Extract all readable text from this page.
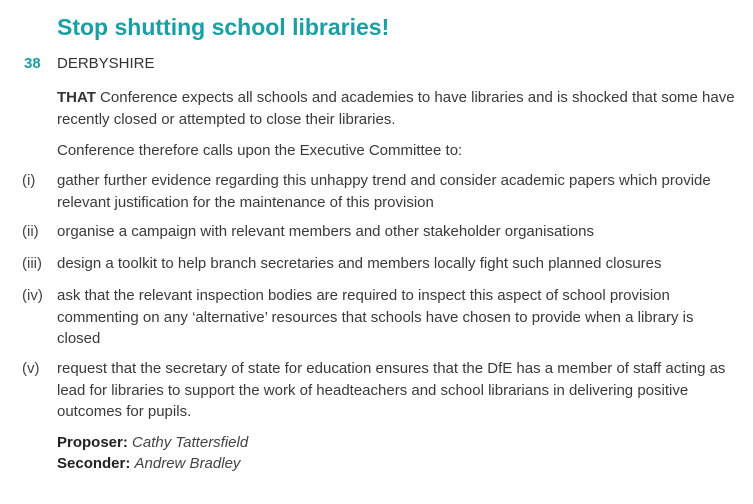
Stop shutting school libraries!
38 DERBYSHIRE

THAT Conference expects all schools and academies to have libraries and is shocked that some have recently closed or attempted to close their libraries.

Conference therefore calls upon the Executive Committee to:

(i) gather further evidence regarding this unhappy trend and consider academic papers which provide relevant justification for the maintenance of this provision
(ii) organise a campaign with relevant members and other stakeholder organisations
(iii) design a toolkit to help branch secretaries and members locally fight such planned closures
(iv) ask that the relevant inspection bodies are required to inspect this aspect of school provision commenting on any ‘alternative’ resources that schools have chosen to provide when a library is closed
(v) request that the secretary of state for education ensures that the DfE has a member of staff acting as lead for libraries to support the work of headteachers and school librarians in delivering positive outcomes for pupils.
Proposer: Cathy Tattersfield
Seconder: Andrew Bradley
